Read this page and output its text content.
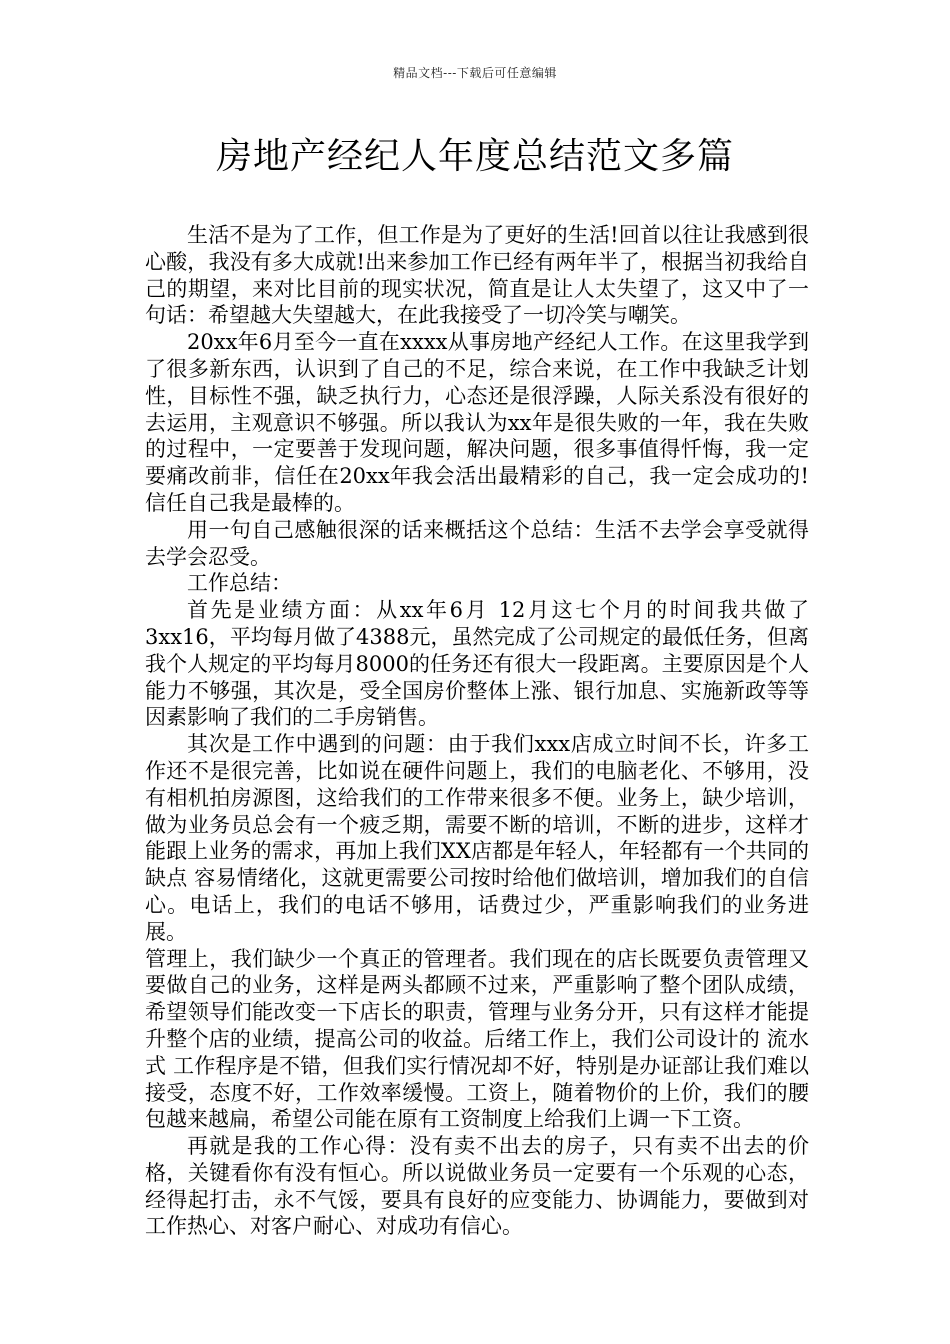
精品文档---下载后可任意编辑
房地产经纪人年度总结范文多篇

生活不是为了工作，但工作是为了更好的生活!回首以往让我感到很心酸，我没有多大成就!出来参加工作已经有两年半了，根据当初我给自己的期望，来对比目前的现实状况，简直是让人太失望了，这又中了一句话：希望越大失望越大，在此我接受了一切冷笑与嘲笑。

20xx年6月至今一直在xxxx从事房地产经纪人工作。在这里我学到了很多新东西，认识到了自己的不足，综合来说，在工作中我缺乏计划性，目标性不强，缺乏执行力，心态还是很浮躁，人际关系没有很好的去运用，主观意识不够强。所以我认为xx年是很失败的一年，我在失败的过程中，一定要善于发现问题，解决问题，很多事值得忏悔，我一定要痛改前非，信任在20xx年我会活出最精彩的自己，我一定会成功的!信任自己我是最棒的。

用一句自己感触很深的话来概括这个总结：生活不去学会享受就得去学会忍受。

工作总结：

首先是业绩方面：从xx年6月 12月这七个月的时间我共做了3xx16，平均每月做了4388元，虽然完成了公司规定的最低任务，但离我个人规定的平均每月8000的任务还有很大一段距离。主要原因是个人能力不够强，其次是，受全国房价整体上涨、银行加息、实施新政等等因素影响了我们的二手房销售。

其次是工作中遇到的问题：由于我们xxx店成立时间不长，许多工作还不是很完善，比如说在硬件问题上，我们的电脑老化、不够用，没有相机拍房源图，这给我们的工作带来很多不便。业务上，缺少培训，做为业务员总会有一个疲乏期，需要不断的培训，不断的进步，这样才能跟上业务的需求，再加上我们XX店都是年轻人，年轻都有一个共同的缺点 容易情绪化，这就更需要公司按时给他们做培训，增加我们的自信心。电话上，我们的电话不够用，话费过少，严重影响我们的业务进展。

管理上，我们缺少一个真正的管理者。我们现在的店长既要负责管理又要做自己的业务，这样是两头都顾不过来，严重影响了整个团队成绩，希望领导们能改变一下店长的职责，管理与业务分开，只有这样才能提升整个店的业绩，提高公司的收益。后绪工作上，我们公司设计的 流水式 工作程序是不错，但我们实行情况却不好，特别是办证部让我们难以接受，态度不好，工作效率缓慢。工资上，随着物价的上价，我们的腰包越来越扁，希望公司能在原有工资制度上给我们上调一下工资。

再就是我的工作心得：没有卖不出去的房子，只有卖不出去的价格，关键看你有没有恒心。所以说做业务员一定要有一个乐观的心态，经得起打击，永不气馁，要具有良好的应变能力、协调能力，要做到对工作热心、对客户耐心、对成功有信心。
